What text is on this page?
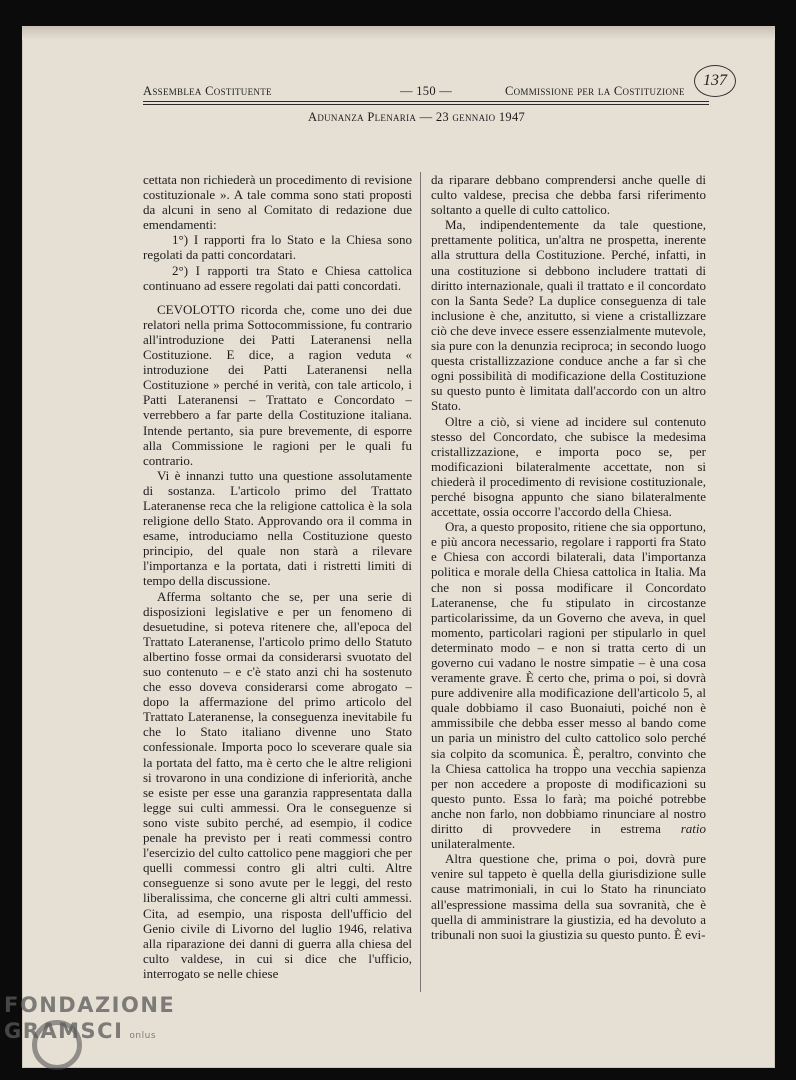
137
Assemblea Costituente	— 150 —	Commissione per la Costituzione
Adunanza Plenaria — 23 gennaio 1947

cettata non richiederà un procedimento di revisione costituzionale ». A tale comma sono stati proposti da alcuni in seno al Comitato di redazione due emendamenti:

1°) I rapporti fra lo Stato e la Chiesa sono regolati da patti concordatari.

2°) I rapporti tra Stato e Chiesa cattolica continuano ad essere regolati dai patti concordati.

CEVOLOTTO ricorda che, come uno dei due relatori nella prima Sottocommissione, fu contrario all'introduzione dei Patti Lateranensi nella Costituzione. E dice, a ragion veduta « introduzione dei Patti Lateranensi nella Costituzione » perché in verità, con tale articolo, i Patti Lateranensi – Trattato e Concordato – verrebbero a far parte della Costituzione italiana. Intende pertanto, sia pure brevemente, di esporre alla Commissione le ragioni per le quali fu contrario.

Vi è innanzi tutto una questione assolutamente di sostanza. L'articolo primo del Trattato Lateranense reca che la religione cattolica è la sola religione dello Stato. Approvando ora il comma in esame, introduciamo nella Costituzione questo principio, del quale non starà a rilevare l'importanza e la portata, dati i ristretti limiti di tempo della discussione.

Afferma soltanto che se, per una serie di disposizioni legislative e per un fenomeno di desuetudine, si poteva ritenere che, all'epoca del Trattato Lateranense, l'articolo primo dello Statuto albertino fosse ormai da considerarsi svuotato del suo contenuto – e c'è stato anzi chi ha sostenuto che esso doveva considerarsi come abrogato – dopo la affermazione del primo articolo del Trattato Lateranense, la conseguenza inevitabile fu che lo Stato italiano divenne uno Stato confessionale. Importa poco lo sceverare quale sia la portata del fatto, ma è certo che le altre religioni si trovarono in una condizione di inferiorità, anche se esiste per esse una garanzia rappresentata dalla legge sui culti ammessi. Ora le conseguenze si sono viste subito perché, ad esempio, il codice penale ha previsto per i reati commessi contro l'esercizio del culto cattolico pene maggiori che per quelli commessi contro gli altri culti. Altre conseguenze si sono avute per le leggi, del resto liberalissima, che concerne gli altri culti ammessi. Cita, ad esempio, una risposta dell'ufficio del Genio civile di Livorno del luglio 1946, relativa alla riparazione dei danni di guerra alla chiesa del culto valdese, in cui si dice che l'ufficio, interrogato se nelle chiese

da riparare debbano comprendersi anche quelle di culto valdese, precisa che debba farsi riferimento soltanto a quelle di culto cattolico.

Ma, indipendentemente da tale questione, prettamente politica, un'altra ne prospetta, inerente alla struttura della Costituzione. Perché, infatti, in una costituzione si debbono includere trattati di diritto internazionale, quali il trattato e il concordato con la Santa Sede? La duplice conseguenza di tale inclusione è che, anzitutto, si viene a cristallizzare ciò che deve invece essere essenzialmente mutevole, sia pure con la denunzia reciproca; in secondo luogo questa cristallizzazione conduce anche a far sì che ogni possibilità di modificazione della Costituzione su questo punto è limitata dall'accordo con un altro Stato.

Oltre a ciò, si viene ad incidere sul contenuto stesso del Concordato, che subisce la medesima cristallizzazione, e importa poco se, per modificazioni bilateralmente accettate, non si chiederà il procedimento di revisione costituzionale, perché bisogna appunto che siano bilateralmente accettate, ossia occorre l'accordo della Chiesa.

Ora, a questo proposito, ritiene che sia opportuno, e più ancora necessario, regolare i rapporti fra Stato e Chiesa con accordi bilaterali, data l'importanza politica e morale della Chiesa cattolica in Italia. Ma che non si possa modificare il Concordato Lateranense, che fu stipulato in circostanze particolarissime, da un Governo che aveva, in quel momento, particolari ragioni per stipularlo in quel determinato modo – e non si tratta certo di un governo cui vadano le nostre simpatie – è una cosa veramente grave. È certo che, prima o poi, si dovrà pure addivenire alla modificazione dell'articolo 5, al quale dobbiamo il caso Buonaiuti, poiché non è ammissibile che debba esser messo al bando come un paria un ministro del culto cattolico solo perché sia colpito da scomunica. È, peraltro, convinto che la Chiesa cattolica ha troppo una vecchia sapienza per non accedere a proposte di modificazioni su questo punto. Essa lo farà; ma poiché potrebbe anche non farlo, non dobbiamo rinunciare al nostro diritto di provvedere in estrema ratio unilateralmente.

Altra questione che, prima o poi, dovrà pure venire sul tappeto è quella della giurisdizione sulle cause matrimoniali, in cui lo Stato ha rinunciato all'espressione massima della sua sovranità, che è quella di amministrare la giustizia, ed ha devoluto a tribunali non suoi la giustizia su questo punto. È evi-

FONDAZIONE
GRAMSCI onlus
